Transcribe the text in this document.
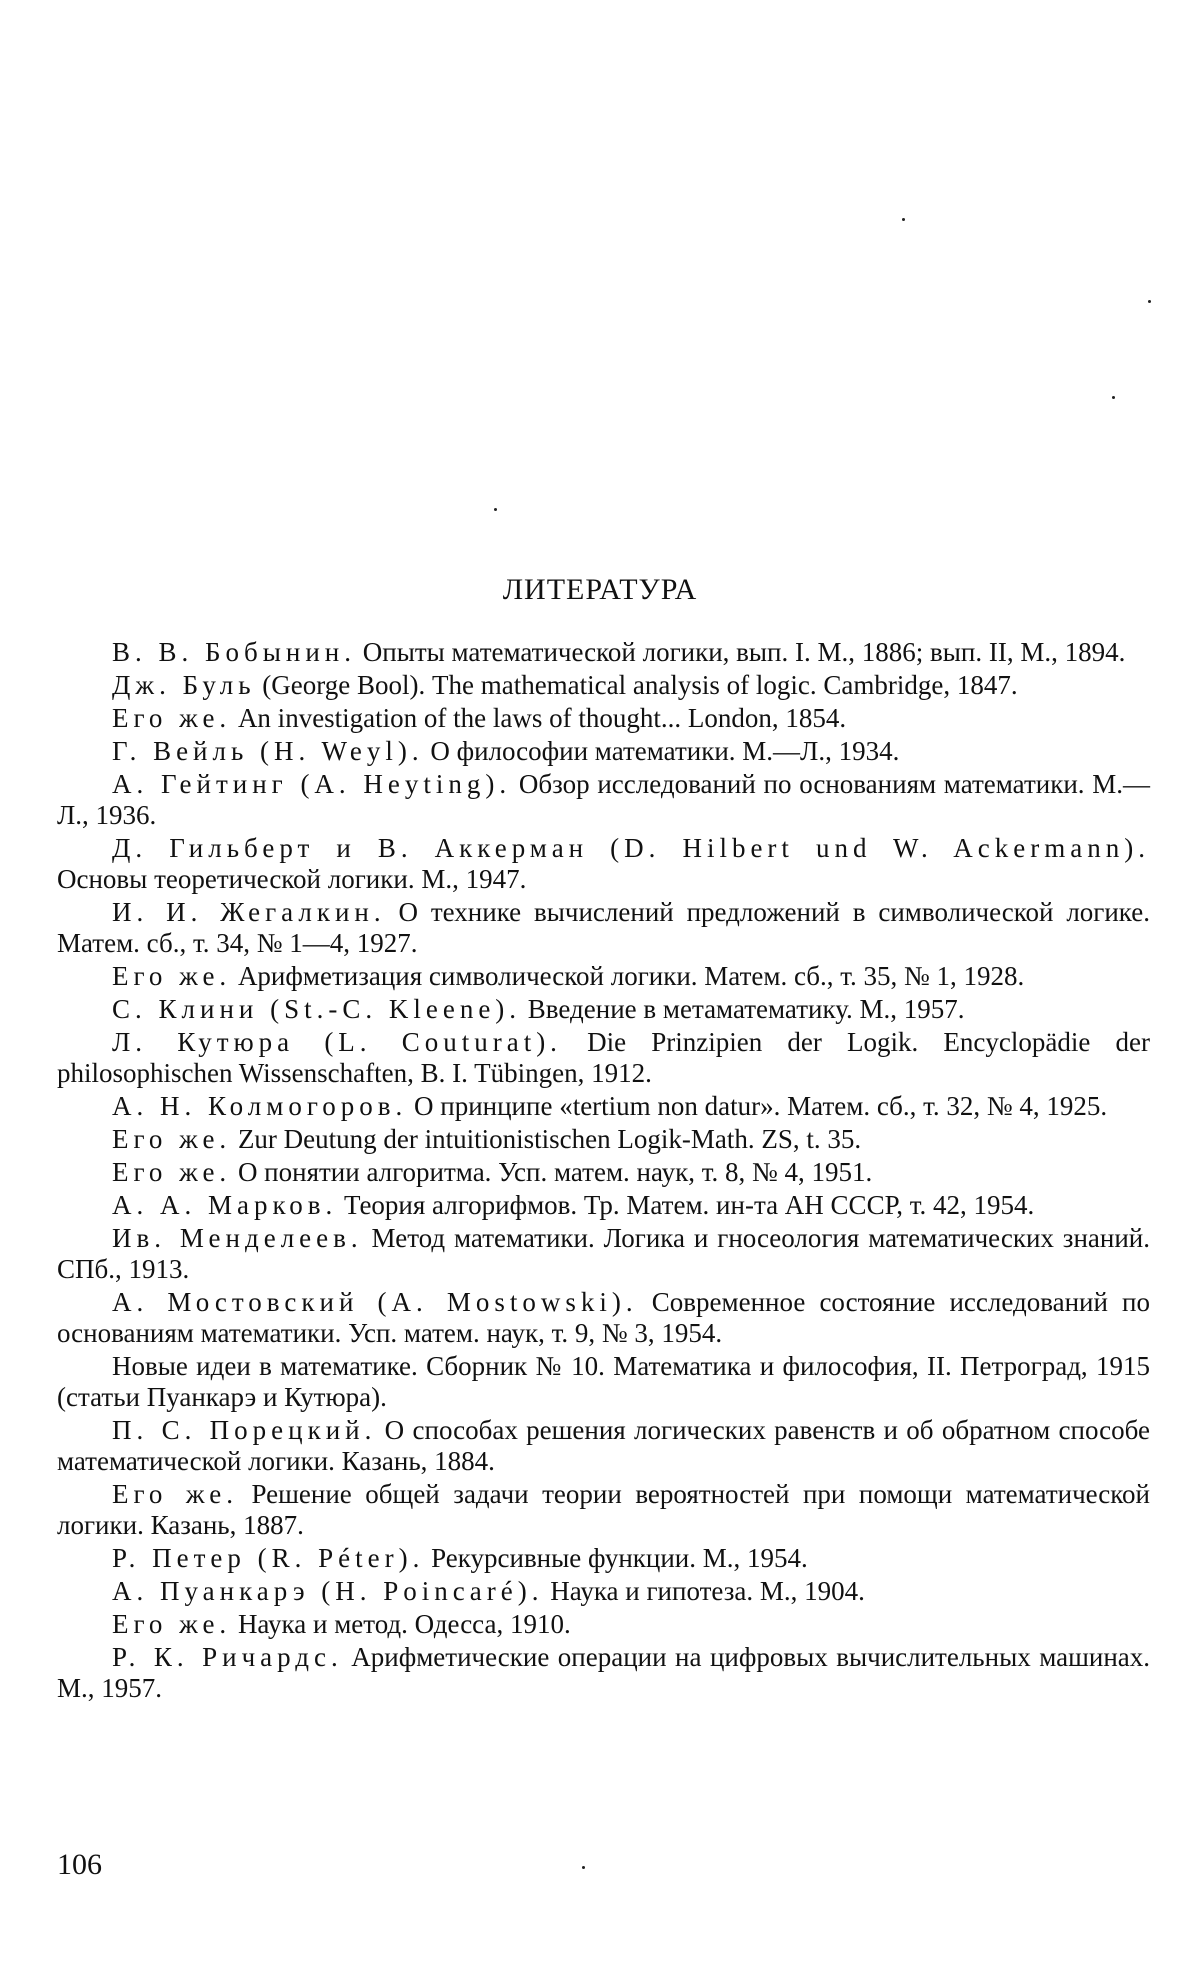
ЛИТЕРАТУРА

В. В. Бобынин. Опыты математической логики, вып. I. М., 1886; вып. II, М., 1894.

Дж. Буль (George Bool). The mathematical analysis of logic. Cambridge, 1847.

Его же. An investigation of the laws of thought... London, 1854.

Г. Вейль (H. Weyl). О философии математики. М.—Л., 1934.

А. Гейтинг (A. Heyting). Обзор исследований по основаниям математики. М.—Л., 1936.

Д. Гильберт и В. Аккерман (D. Hilbert und W. Ackermann). Основы теоретической логики. М., 1947.

И. И. Жегалкин. О технике вычислений предложений в символической логике. Матем. сб., т. 34, № 1—4, 1927.

Его же. Арифметизация символической логики. Матем. сб., т. 35, № 1, 1928.

С. Клини (St.-C. Kleene). Введение в метаматематику. М., 1957.

Л. Кутюра (L. Couturat). Die Prinzipien der Logik. Encyclopädie der philosophischen Wissenschaften, B. I. Tübingen, 1912.

А. Н. Колмогоров. О принципе «tertium non datur». Матем. сб., т. 32, № 4, 1925.

Его же. Zur Deutung der intuitionistischen Logik-Math. ZS, t. 35.

Его же. О понятии алгоритма. Усп. матем. наук, т. 8, № 4, 1951.

А. А. Марков. Теория алгорифмов. Тр. Матем. ин-та АН СССР, т. 42, 1954.

Ив. Менделеев. Метод математики. Логика и гносеология математических знаний. СПб., 1913.

А. Мостовский (A. Mostowski). Современное состояние исследований по основаниям математики. Усп. матем. наук, т. 9, № 3, 1954.

Новые идеи в математике. Сборник № 10. Математика и философия, II. Петроград, 1915 (статьи Пуанкарэ и Кутюра).

П. С. Порецкий. О способах решения логических равенств и об обратном способе математической логики. Казань, 1884.

Его же. Решение общей задачи теории вероятностей при помощи математической логики. Казань, 1887.

Р. Петер (R. Péter). Рекурсивные функции. М., 1954.

А. Пуанкарэ (H. Poincaré). Наука и гипотеза. М., 1904.

Его же. Наука и метод. Одесса, 1910.

Р. К. Ричардс. Арифметические операции на цифровых вычислительных машинах. М., 1957.

106
